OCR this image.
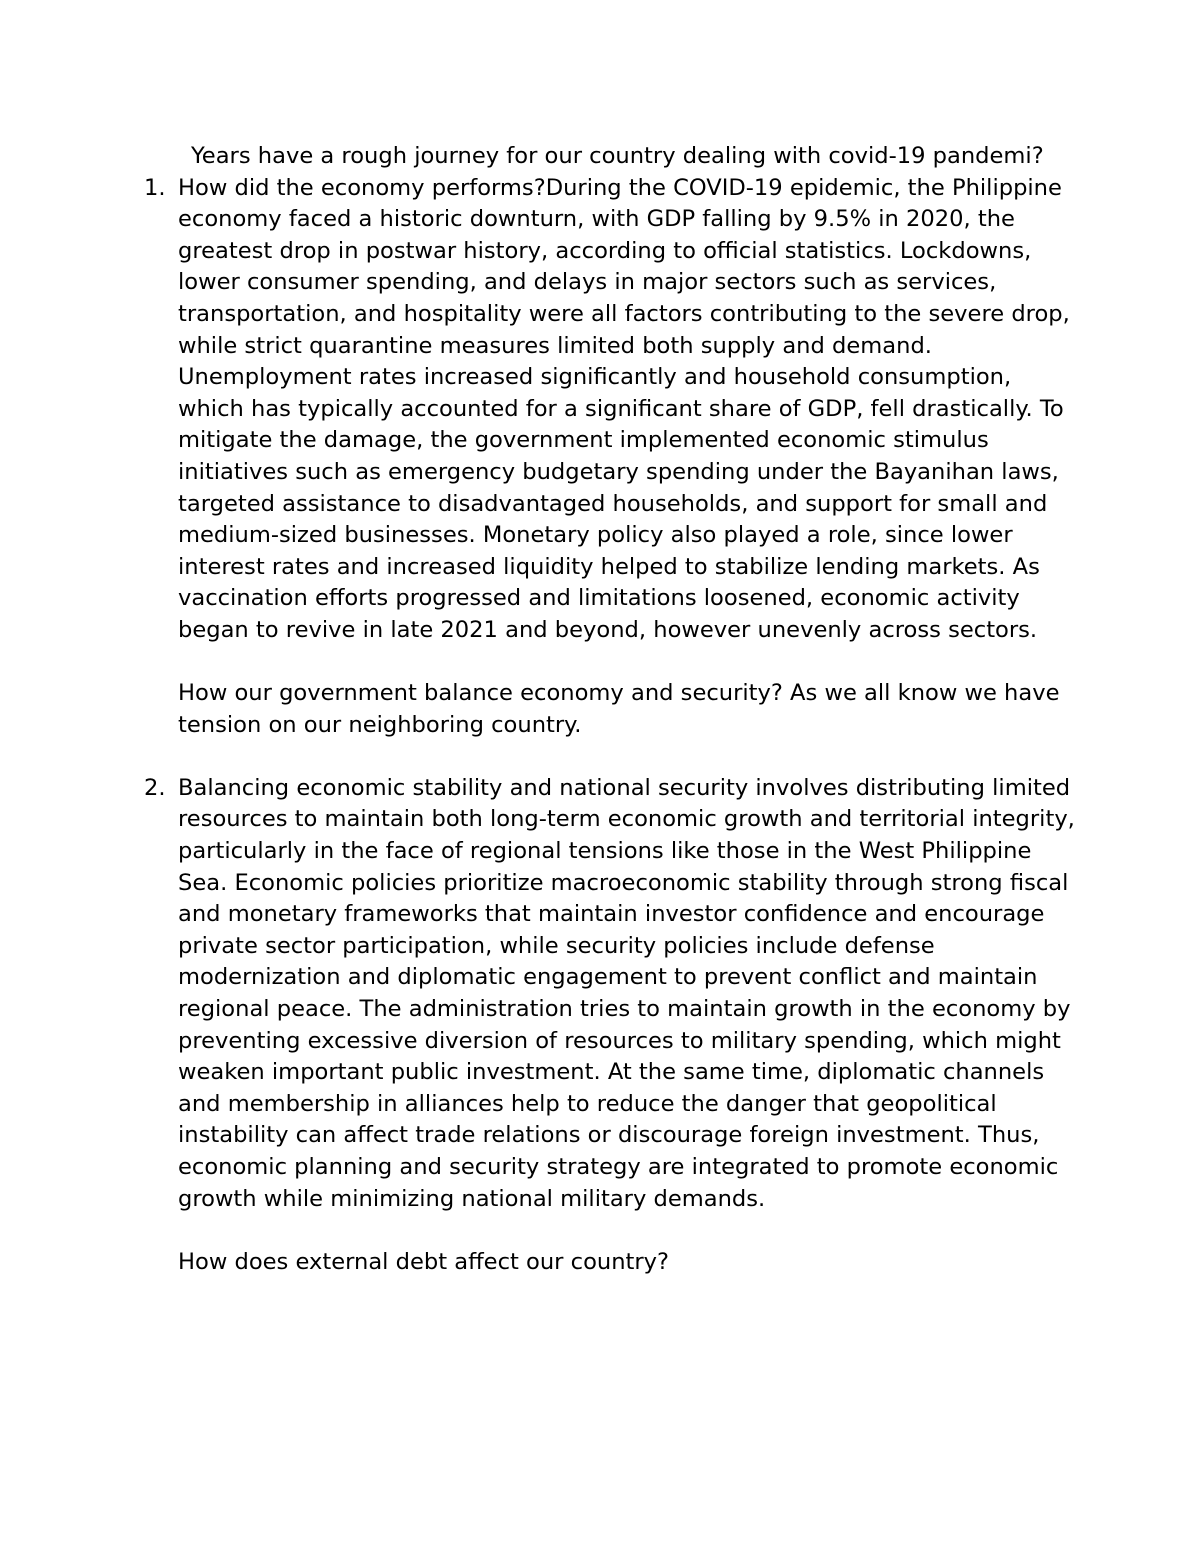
Years have a rough journey for our country dealing with covid-19 pandemi?

1. How did the economy performs?During the COVID-19 epidemic, the Philippine economy faced a historic downturn, with GDP falling by 9.5% in 2020, the greatest drop in postwar history, according to official statistics. Lockdowns, lower consumer spending, and delays in major sectors such as services, transportation, and hospitality were all factors contributing to the severe drop, while strict quarantine measures limited both supply and demand. Unemployment rates increased significantly and household consumption, which has typically accounted for a significant share of GDP, fell drastically. To mitigate the damage, the government implemented economic stimulus initiatives such as emergency budgetary spending under the Bayanihan laws, targeted assistance to disadvantaged households, and support for small and medium-sized businesses. Monetary policy also played a role, since lower interest rates and increased liquidity helped to stabilize lending markets. As vaccination efforts progressed and limitations loosened, economic activity began to revive in late 2021 and beyond, however unevenly across sectors.

How our government balance economy and security? As we all know we have tension on our neighboring country.

2. Balancing economic stability and national security involves distributing limited resources to maintain both long-term economic growth and territorial integrity, particularly in the face of regional tensions like those in the West Philippine Sea. Economic policies prioritize macroeconomic stability through strong fiscal and monetary frameworks that maintain investor confidence and encourage private sector participation, while security policies include defense modernization and diplomatic engagement to prevent conflict and maintain regional peace. The administration tries to maintain growth in the economy by preventing excessive diversion of resources to military spending, which might weaken important public investment. At the same time, diplomatic channels and membership in alliances help to reduce the danger that geopolitical instability can affect trade relations or discourage foreign investment. Thus, economic planning and security strategy are integrated to promote economic growth while minimizing national military demands.

How does external debt affect our country?
